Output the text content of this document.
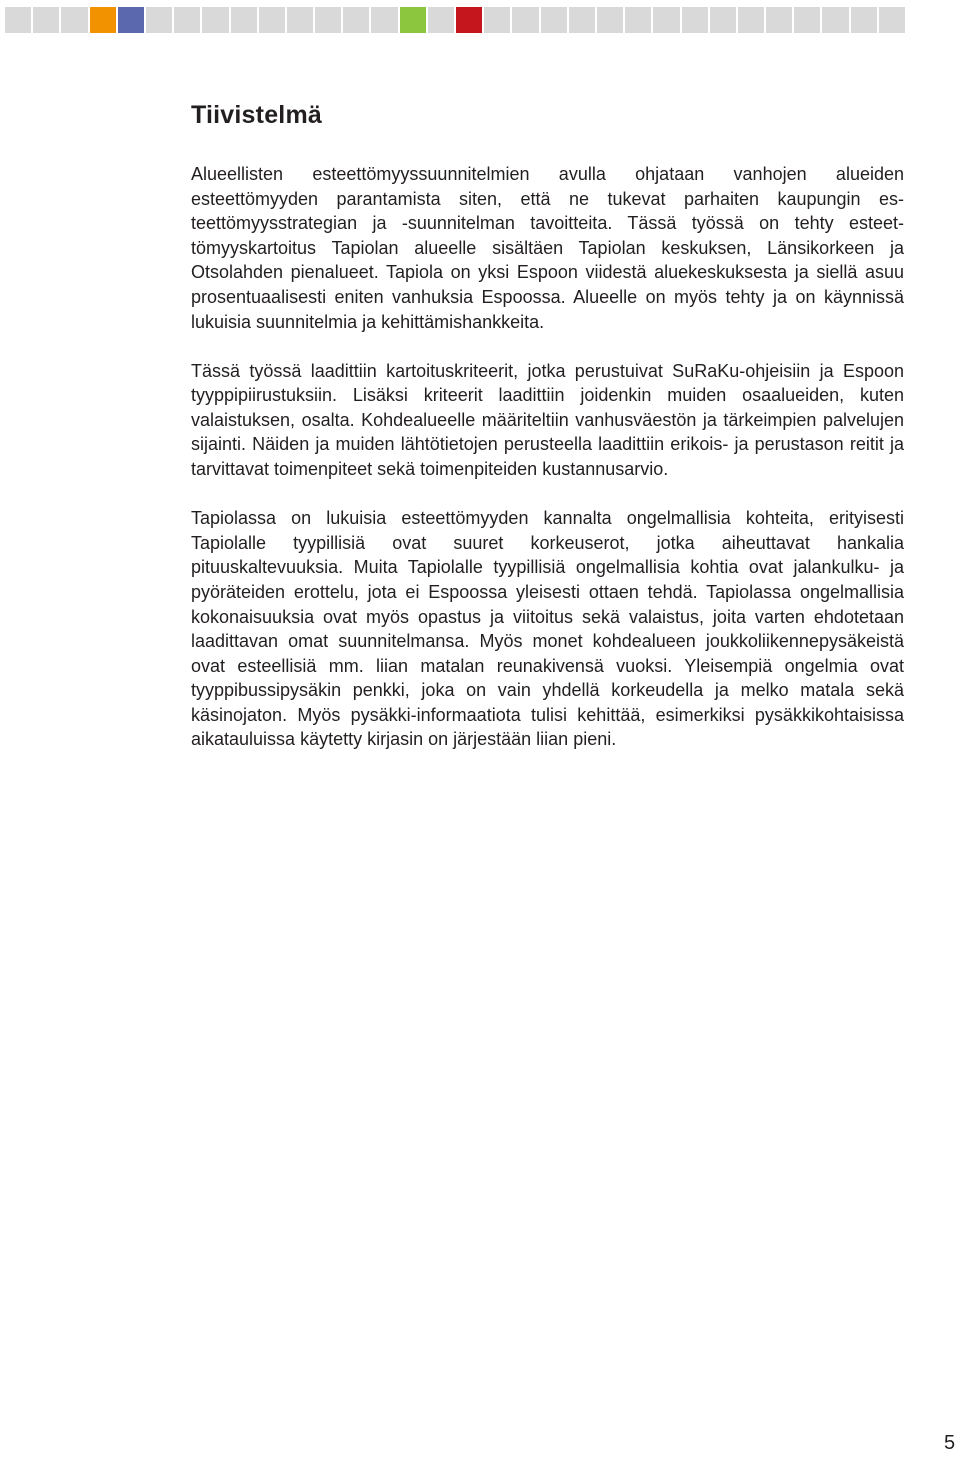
Tiivistelmä

Alueellisten esteettömyyssuunnitelmien avulla ohjataan vanhojen alueiden esteettömyyden parantamista siten, että ne tukevat parhaiten kaupungin esteettömyysstrategian ja -suunnitelman tavoitteita. Tässä työssä on tehty esteettömyyskartoitus Tapiolan alueelle sisältäen Tapiolan keskuksen, Länsikorkeen ja Otsolahden pienalueet. Tapiola on yksi Espoon viidestä aluekeskuksesta ja siellä asuu prosentuaalisesti eniten vanhuksia Espoossa. Alueelle on myös tehty ja on käynnissä lukuisia suunnitelmia ja kehittämishankkeita.

Tässä työssä laadittiin kartoituskriteerit, jotka perustuivat SuRaKu-ohjeisiin ja Espoon tyyppipiirustuksiin. Lisäksi kriteerit laadittiin joidenkin muiden osaalueiden, kuten valaistuksen, osalta. Kohdealueelle määriteltiin vanhusväestön ja tärkeimpien palvelujen sijainti. Näiden ja muiden lähtötietojen perusteella laadittiin erikois- ja perustason reitit ja tarvittavat toimenpiteet sekä toimenpiteiden kustannusarvio.

Tapiolassa on lukuisia esteettömyyden kannalta ongelmallisia kohteita, erityisesti Tapiolalle tyypillisiä ovat suuret korkeuserot, jotka aiheuttavat hankalia pituuskaltevuuksia. Muita Tapiolalle tyypillisiä ongelmallisia kohtia ovat jalankulku- ja pyöräteiden erottelu, jota ei Espoossa yleisesti ottaen tehdä. Tapiolassa ongelmallisia kokonaisuuksia ovat myös opastus ja viitoitus sekä valaistus, joita varten ehdotetaan laadittavan omat suunnitelmansa. Myös monet kohdealueen joukkoliikennepysäkeistä ovat esteellisiä mm. liian matalan reunakivensä vuoksi. Yleisempiä ongelmia ovat tyyppibussipysäkin penkki, joka on vain yhdellä korkeudella ja melko matala sekä käsinojaton. Myös pysäkki-informaatiota tulisi kehittää, esimerkiksi pysäkkikohtaisissa aikatauluissa käytetty kirjasin on järjestään liian pieni.

5
